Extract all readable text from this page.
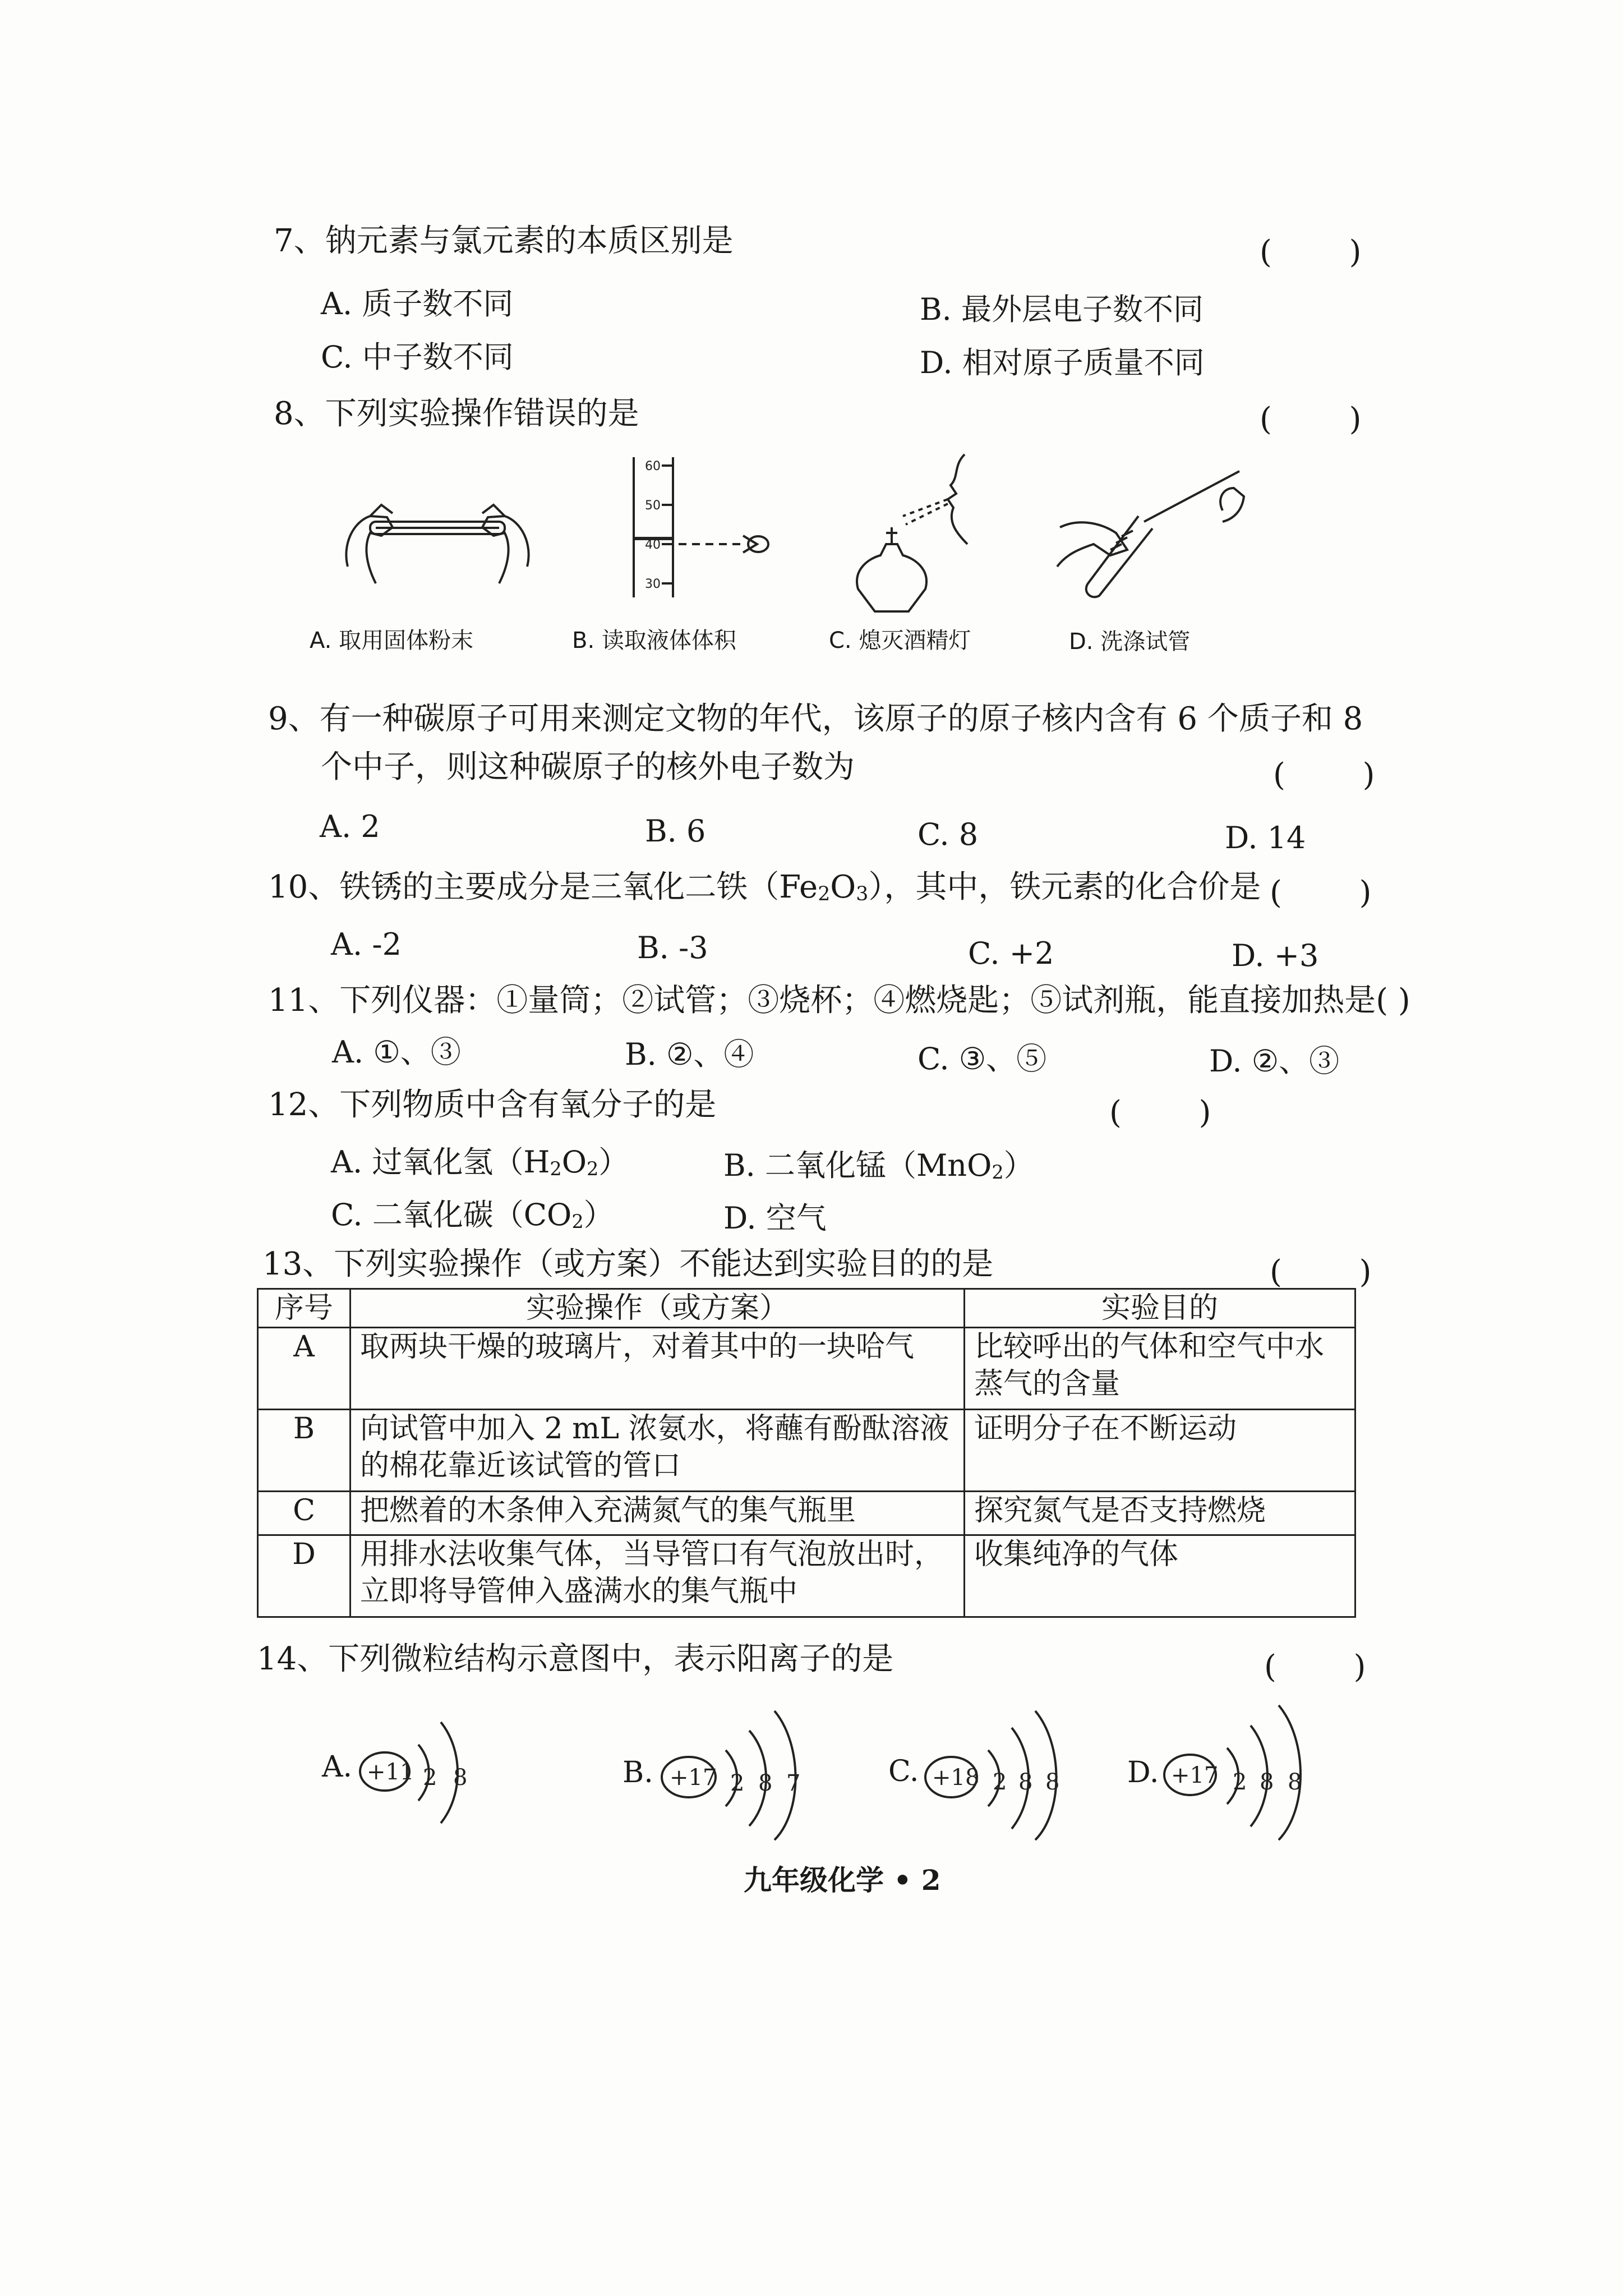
7、钠元素与氯元素的本质区别是	( )
A. 质子数不同	B. 最外层电子数不同
C. 中子数不同	D. 相对原子质量不同
8、下列实验操作错误的是	( )
A. 取用固体粉末
60
50
40
30
B. 读取液体体积	C. 熄灭酒精灯	D. 洗涤试管
9、有一种碳原子可用来测定文物的年代，该原子的原子核内含有 6 个质子和 8
个中子，则这种碳原子的核外电子数为	( )
A. 2	B. 6	C. 8	D. 14
10、铁锈的主要成分是三氧化二铁$(Fe_2O_3)$，其中，铁元素的化合价是 ( )
A. -2	B. -3	C. +2	D. +3
11、下列仪器：①量筒；②试管；③烧杯；④燃烧匙；⑤试剂瓶，能直接加热是( )
A. ①、③	B. ②、④	C. ③、⑤	D. ②、③
12、下列物质中含有氧分子的是	( )
A. 过氧化氢$(H_2O_2)$	B. 二氧化锰（MnO$_2$）
C. 二氧化碳$(CO_2)$	D. 空气
13、下列实验操作（或方案）不能达到实验目的的是	( )
序号	实验操作（或方案）	实验目的
A	取两块干燥的玻璃片，对着其中的一块哈气	比较呼出的气体和空气中水蒸气的含量
B	向试管中加入 2 mL 浓氨水，将蘸有酚酞溶液的棉花靠近该试管的管口	证明分子在不断运动
C	把燃着的木条伸入充满氮气的集气瓶里	探究氮气是否支持燃烧
D	用排水法收集气体，当导管口有气泡放出时，立即将导管伸入盛满水的集气瓶中	收集纯净的气体
14、下列微粒结构示意图中，表示阳离子的是	( )
A. +11 2 8	+17 2 8 7
B.	+18 2 8 8
C.	+17 2 8 8
D.
九年级化学 • 2
